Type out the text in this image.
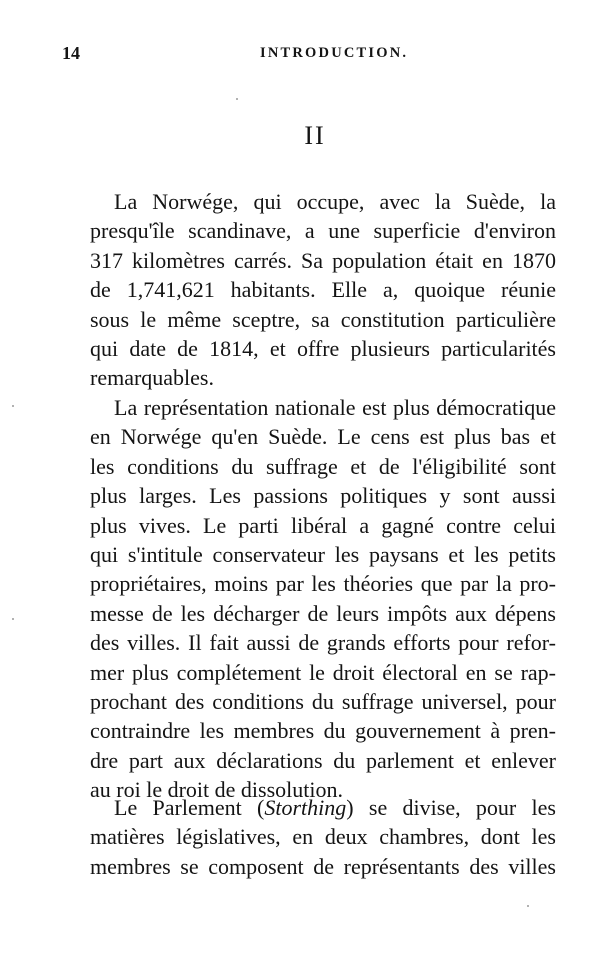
14	INTRODUCTION.
II

La Norwége, qui occupe, avec la Suède, la
presqu'île scandinave, a une superficie d'environ
317 kilomètres carrés. Sa population était en 1870
de 1,741,621 habitants. Elle a, quoique réunie
sous le même sceptre, sa constitution particulière
qui date de 1814, et offre plusieurs particularités
remarquables.

La représentation nationale est plus démocratique
en Norwége qu'en Suède. Le cens est plus bas et
les conditions du suffrage et de l'éligibilité sont
plus larges. Les passions politiques y sont aussi
plus vives. Le parti libéral a gagné contre celui
qui s'intitule conservateur les paysans et les petits
propriétaires, moins par les théories que par la pro-
messe de les décharger de leurs impôts aux dépens
des villes. Il fait aussi de grands efforts pour refor-
mer plus complétement le droit électoral en se rap-
prochant des conditions du suffrage universel, pour
contraindre les membres du gouvernement à pren-
dre part aux déclarations du parlement et enlever
au roi le droit de dissolution.

Le Parlement (Storthing) se divise, pour les
matières législatives, en deux chambres, dont les
membres se composent de représentants des villes
